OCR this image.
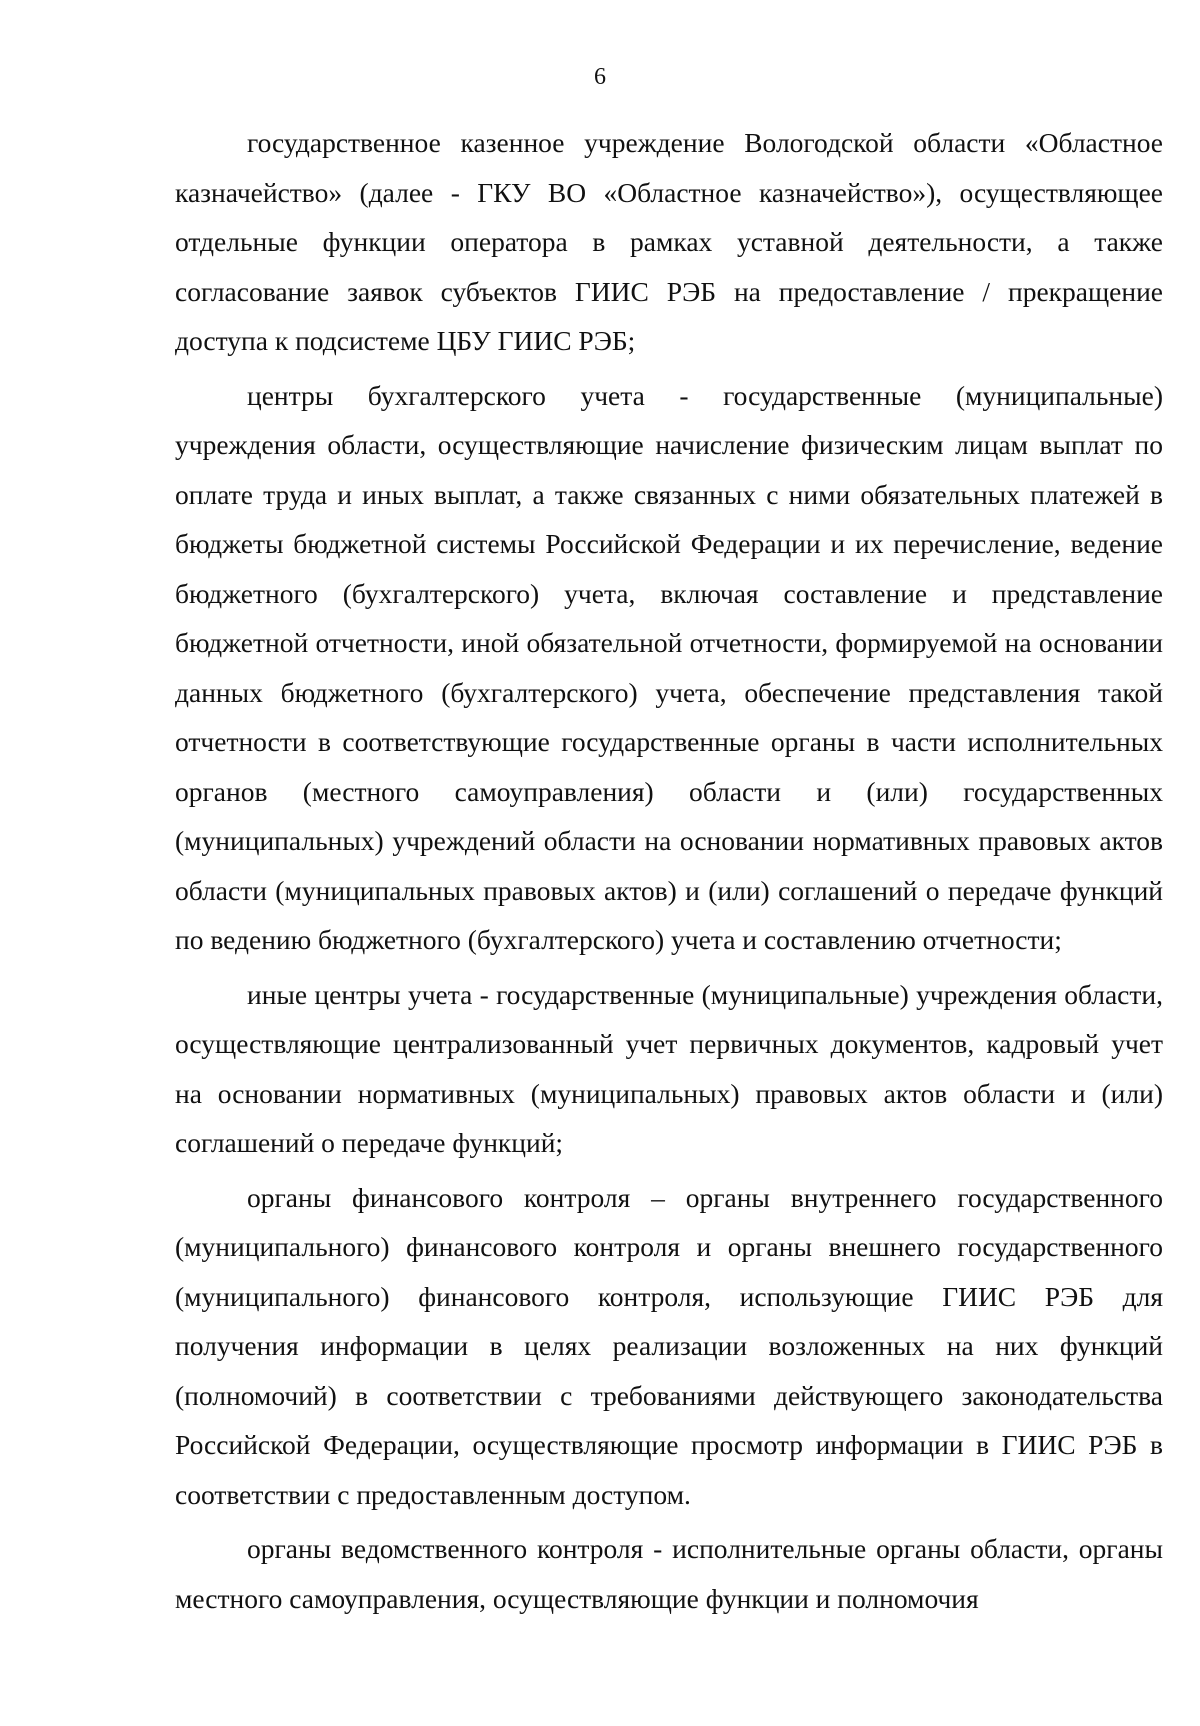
6

государственное казенное учреждение Вологодской области «Областное казначейство» (далее - ГКУ ВО «Областное казначейство»), осуществляющее отдельные функции оператора в рамках уставной деятельности, а также согласование заявок субъектов ГИИС РЭБ на предоставление / прекращение доступа к подсистеме ЦБУ ГИИС РЭБ;

центры бухгалтерского учета - государственные (муниципальные) учреждения области, осуществляющие начисление физическим лицам выплат по оплате труда и иных выплат, а также связанных с ними обязательных платежей в бюджеты бюджетной системы Российской Федерации и их перечисление, ведение бюджетного (бухгалтерского) учета, включая составление и представление бюджетной отчетности, иной обязательной отчетности, формируемой на основании данных бюджетного (бухгалтерского) учета, обеспечение представления такой отчетности в соответствующие государственные органы в части исполнительных органов (местного самоуправления) области и (или) государственных (муниципальных) учреждений области на основании нормативных правовых актов области (муниципальных правовых актов) и (или) соглашений о передаче функций по ведению бюджетного (бухгалтерского) учета и составлению отчетности;

иные центры учета - государственные (муниципальные) учреждения области, осуществляющие централизованный учет первичных документов, кадровый учет на основании нормативных (муниципальных) правовых актов области и (или) соглашений о передаче функций;

органы финансового контроля – органы внутреннего государственного (муниципального) финансового контроля и органы внешнего государственного (муниципального) финансового контроля, использующие ГИИС РЭБ для получения информации в целях реализации возложенных на них функций (полномочий) в соответствии с требованиями действующего законодательства Российской Федерации, осуществляющие просмотр информации в ГИИС РЭБ в соответствии с предоставленным доступом.

органы ведомственного контроля - исполнительные органы области, органы местного самоуправления, осуществляющие функции и полномочия
